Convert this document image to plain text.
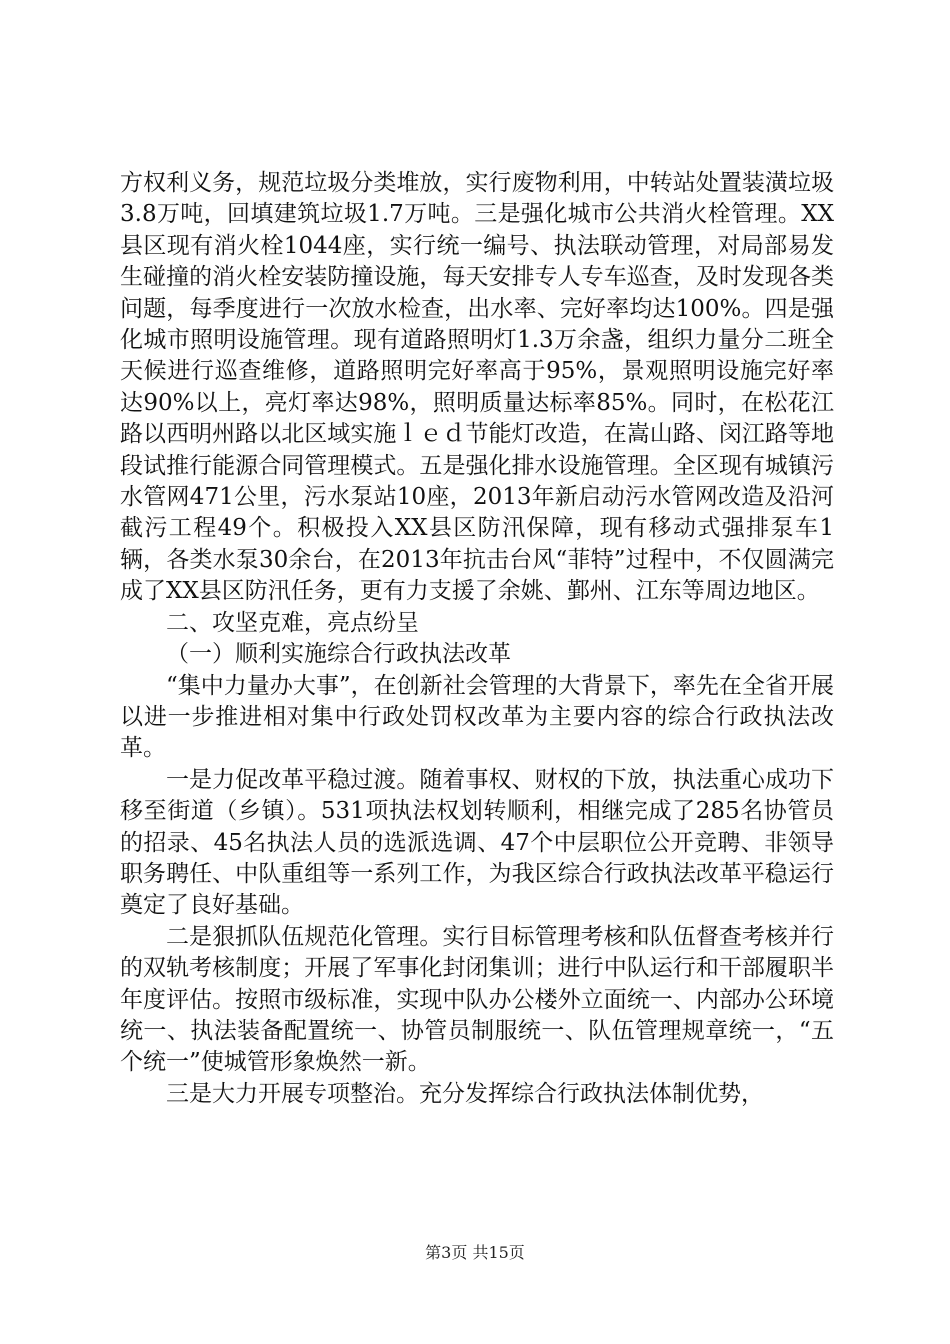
方权利义务，规范垃圾分类堆放，实行废物利用，中转站处置装潢垃圾3.8万吨，回填建筑垃圾1.7万吨。三是强化城市公共消火栓管理。XX县区现有消火栓1044座，实行统一编号、执法联动管理，对局部易发生碰撞的消火栓安装防撞设施，每天安排专人专车巡查，及时发现各类问题，每季度进行一次放水检查，出水率、完好率均达100%。四是强化城市照明设施管理。现有道路照明灯1.3万余盏，组织力量分二班全天候进行巡查维修，道路照明完好率高于95%，景观照明设施完好率达90%以上，亮灯率达98%，照明质量达标率85%。同时，在松花江路以西明州路以北区域实施ｌｅｄ节能灯改造，在嵩山路、闵江路等地段试推行能源合同管理模式。五是强化排水设施管理。全区现有城镇污水管网471公里，污水泵站10座，2013年新启动污水管网改造及沿河截污工程49个。积极投入XX县区防汛保障，现有移动式强排泵车1辆，各类水泵30余台，在2013年抗击台风“菲特”过程中，不仅圆满完成了XX县区防汛任务，更有力支援了余姚、鄞州、江东等周边地区。

二、攻坚克难，亮点纷呈

（一）顺利实施综合行政执法改革

“集中力量办大事”，在创新社会管理的大背景下，率先在全省开展以进一步推进相对集中行政处罚权改革为主要内容的综合行政执法改革。

一是力促改革平稳过渡。随着事权、财权的下放，执法重心成功下移至街道（乡镇）。531项执法权划转顺利，相继完成了285名协管员的招录、45名执法人员的选派选调、47个中层职位公开竞聘、非领导职务聘任、中队重组等一系列工作，为我区综合行政执法改革平稳运行奠定了良好基础。

二是狠抓队伍规范化管理。实行目标管理考核和队伍督查考核并行的双轨考核制度；开展了军事化封闭集训；进行中队运行和干部履职半年度评估。按照市级标准，实现中队办公楼外立面统一、内部办公环境统一、执法装备配置统一、协管员制服统一、队伍管理规章统一，“五个统一”使城管形象焕然一新。

三是大力开展专项整治。充分发挥综合行政执法体制优势，

第3页 共15页
